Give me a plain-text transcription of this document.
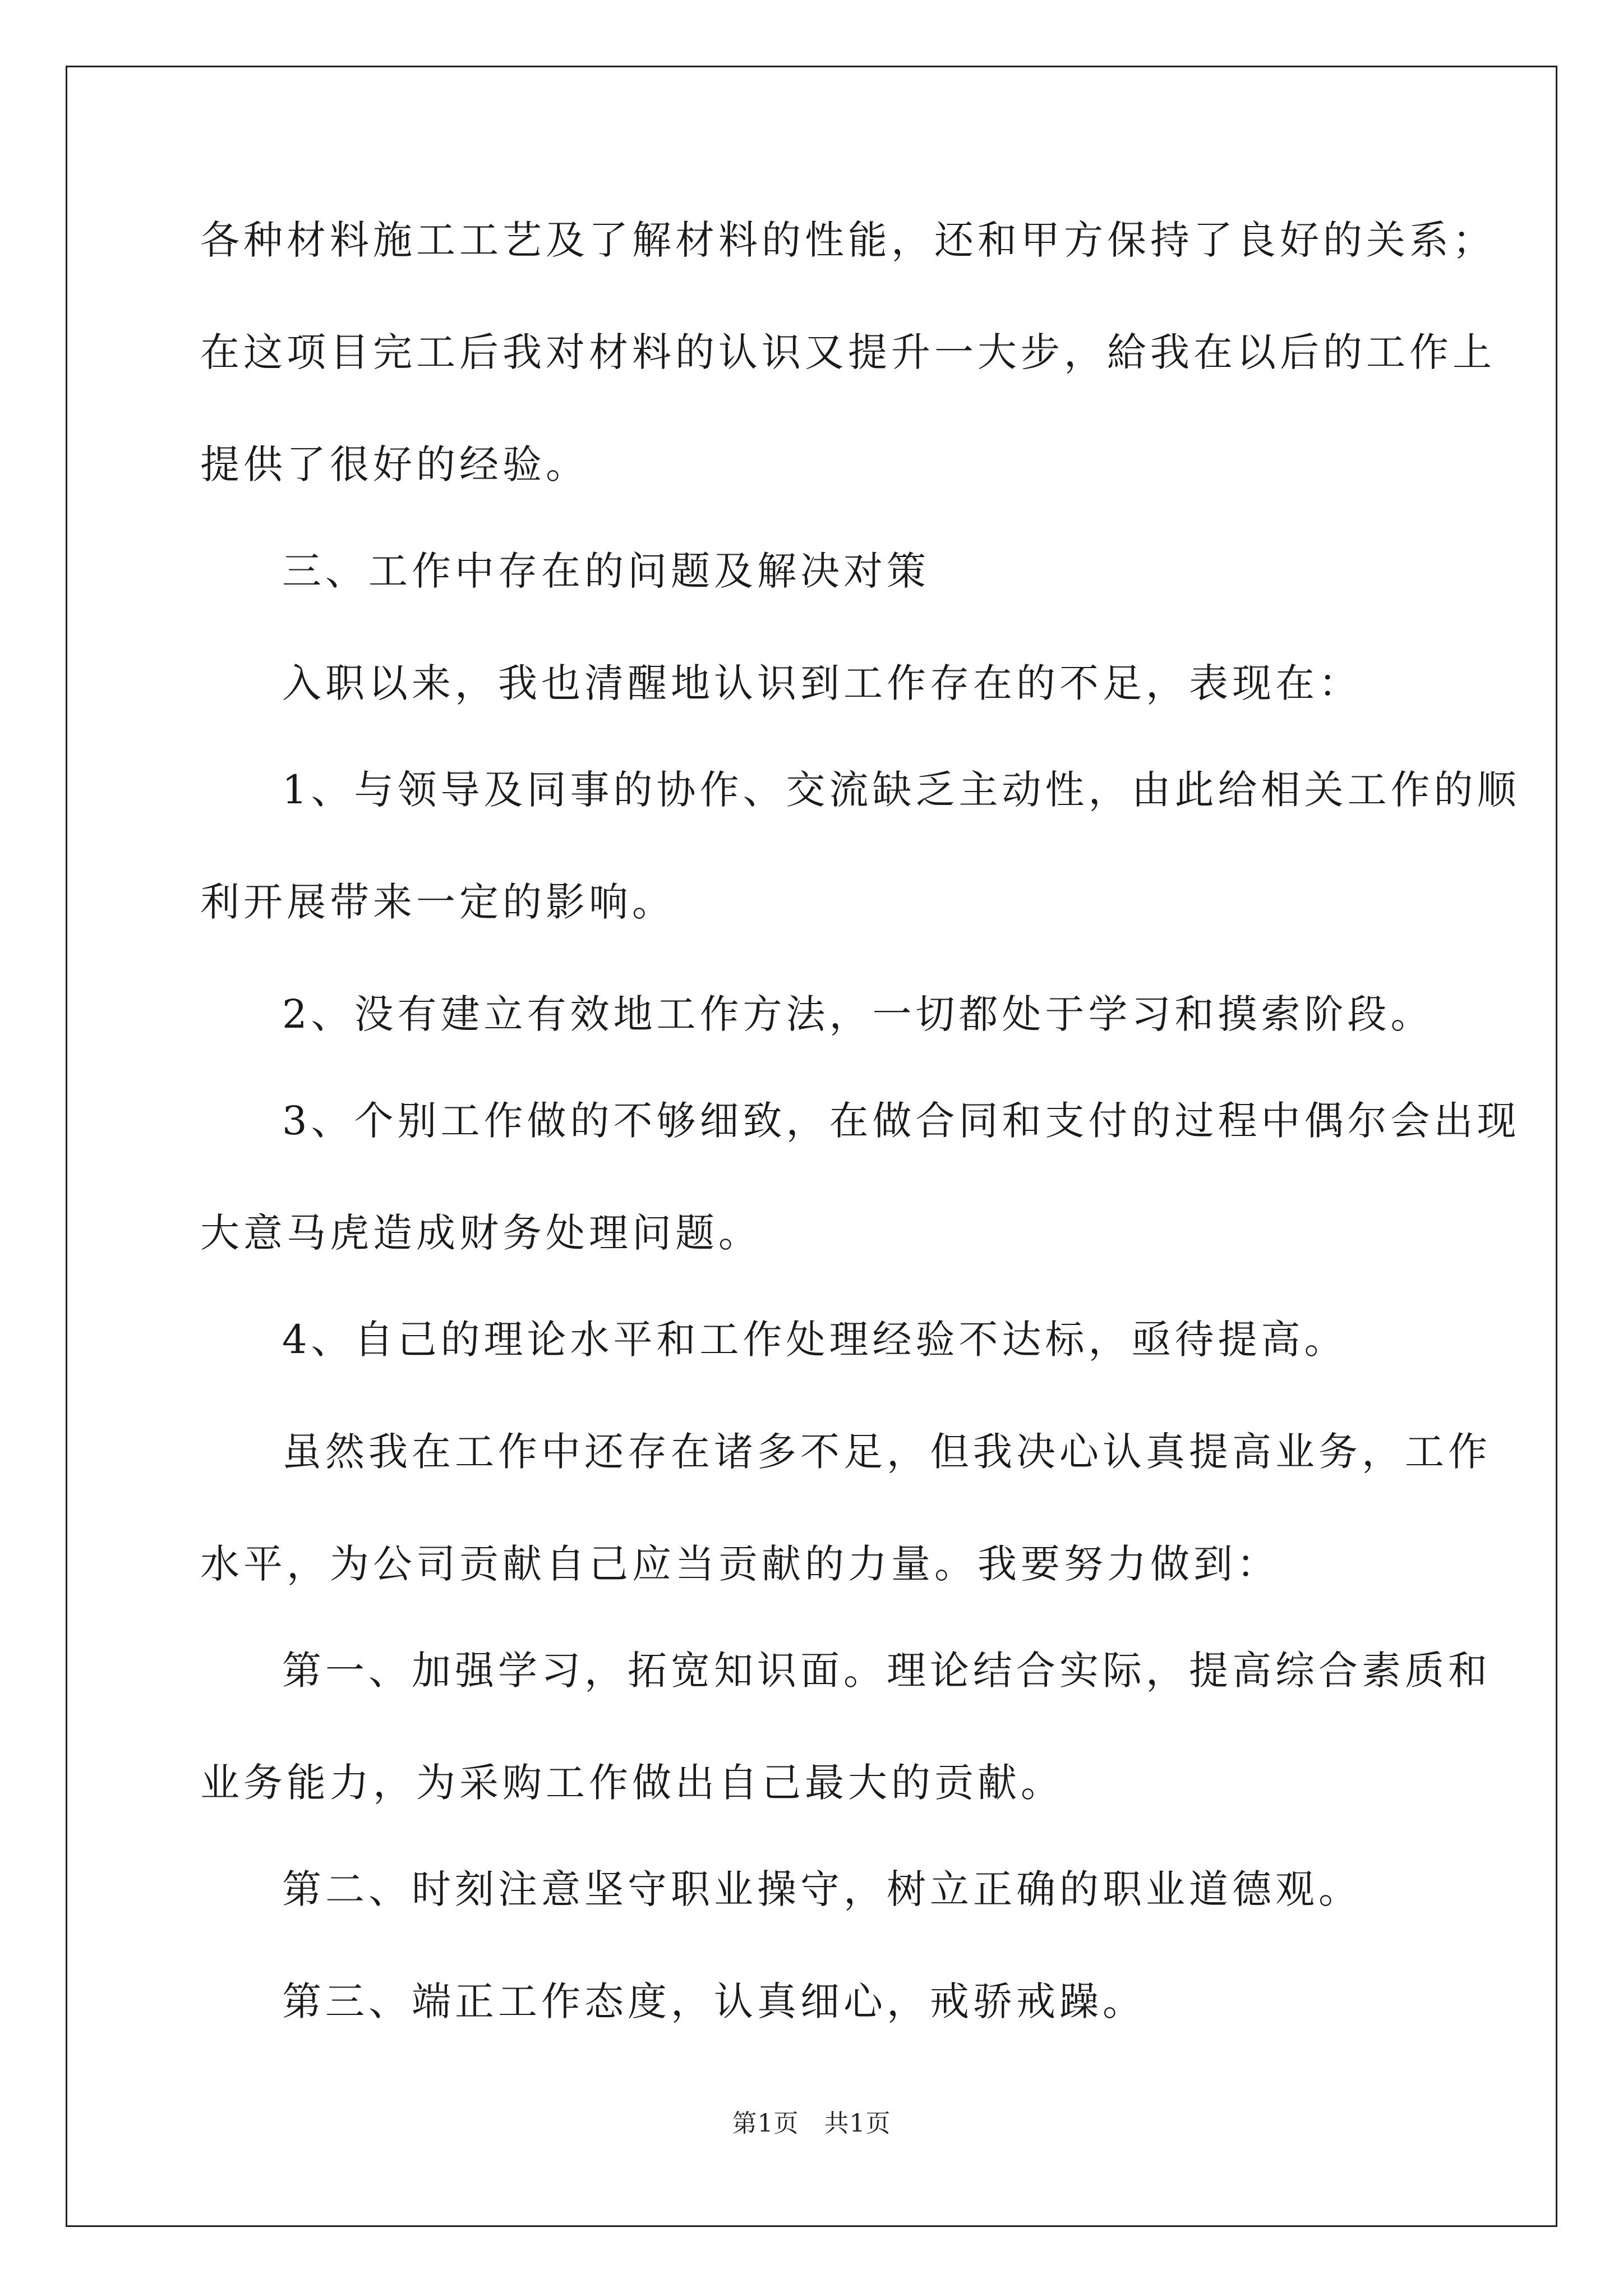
各种材料施工工艺及了解材料的性能，还和甲方保持了良好的关系；
在这项目完工后我对材料的认识又提升一大步，給我在以后的工作上
提供了很好的经验。
三、工作中存在的问题及解决对策
入职以来，我也清醒地认识到工作存在的不足，表现在：
1、与领导及同事的协作、交流缺乏主动性，由此给相关工作的顺
利开展带来一定的影响。
2、没有建立有效地工作方法，一切都处于学习和摸索阶段。
3、个别工作做的不够细致，在做合同和支付的过程中偶尔会出现
大意马虎造成财务处理问题。
4、自己的理论水平和工作处理经验不达标，亟待提高。
虽然我在工作中还存在诸多不足，但我决心认真提高业务，工作
水平，为公司贡献自己应当贡献的力量。我要努力做到：
第一、加强学习，拓宽知识面。理论结合实际，提高综合素质和
业务能力，为采购工作做出自己最大的贡献。
第二、时刻注意坚守职业操守，树立正确的职业道德观。
第三、端正工作态度，认真细心，戒骄戒躁。
第1页　共1页
